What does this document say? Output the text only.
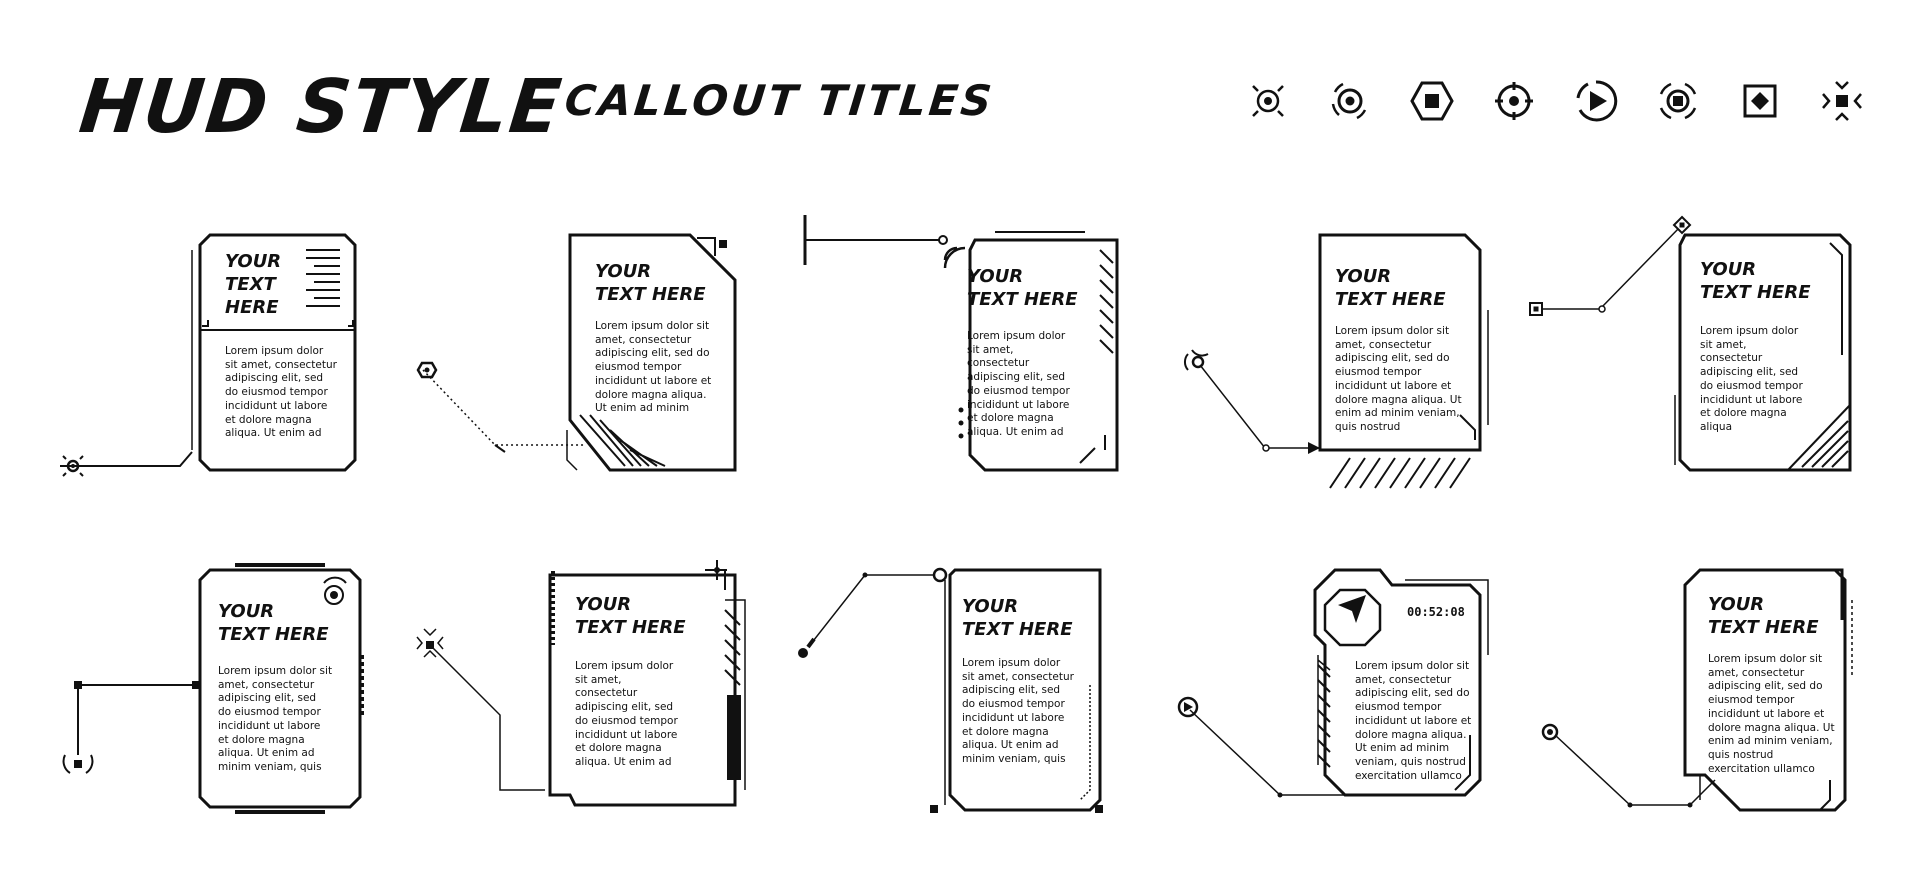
HUD STYLE
CALLOUT TITLES
YOUR
TEXT
HERE
Lorem ipsum dolor
sit amet, consectetur
adipiscing elit, sed
do eiusmod tempor
incididunt ut labore
et dolore magna
aliqua. Ut enim ad
YOUR
TEXT HERE
Lorem ipsum dolor sit
amet, consectetur
adipiscing elit, sed do
eiusmod tempor
incididunt ut labore et
dolore magna aliqua.
Ut enim ad minim
YOUR
TEXT HERE
Lorem ipsum dolor
sit amet,
consectetur
adipiscing elit, sed
do eiusmod tempor
incididunt ut labore
et dolore magna
aliqua. Ut enim ad
YOUR
TEXT HERE
Lorem ipsum dolor sit
amet, consectetur
adipiscing elit, sed do
eiusmod tempor
incididunt ut labore et
dolore magna aliqua. Ut
enim ad minim veniam,
quis nostrud
YOUR
TEXT HERE
Lorem ipsum dolor
sit amet,
consectetur
adipiscing elit, sed
do eiusmod tempor
incididunt ut labore
et dolore magna
aliqua
YOUR
TEXT HERE
Lorem ipsum dolor sit
amet, consectetur
adipiscing elit, sed
do eiusmod tempor
incididunt ut labore
et dolore magna
aliqua. Ut enim ad
minim veniam, quis
YOUR
TEXT HERE
Lorem ipsum dolor
sit amet,
consectetur
adipiscing elit, sed
do eiusmod tempor
incididunt ut labore
et dolore magna
aliqua. Ut enim ad
YOUR
TEXT HERE
Lorem ipsum dolor
sit amet, consectetur
adipiscing elit, sed
do eiusmod tempor
incididunt ut labore
et dolore magna
aliqua. Ut enim ad
minim veniam, quis
00:52:08
Lorem ipsum dolor sit
amet, consectetur
adipiscing elit, sed do
eiusmod tempor
incididunt ut labore et
dolore magna aliqua.
Ut enim ad minim
veniam, quis nostrud
exercitation ullamco
YOUR
TEXT HERE
Lorem ipsum dolor sit
amet, consectetur
adipiscing elit, sed do
eiusmod tempor
incididunt ut labore et
dolore magna aliqua. Ut
enim ad minim veniam,
quis nostrud
exercitation ullamco
